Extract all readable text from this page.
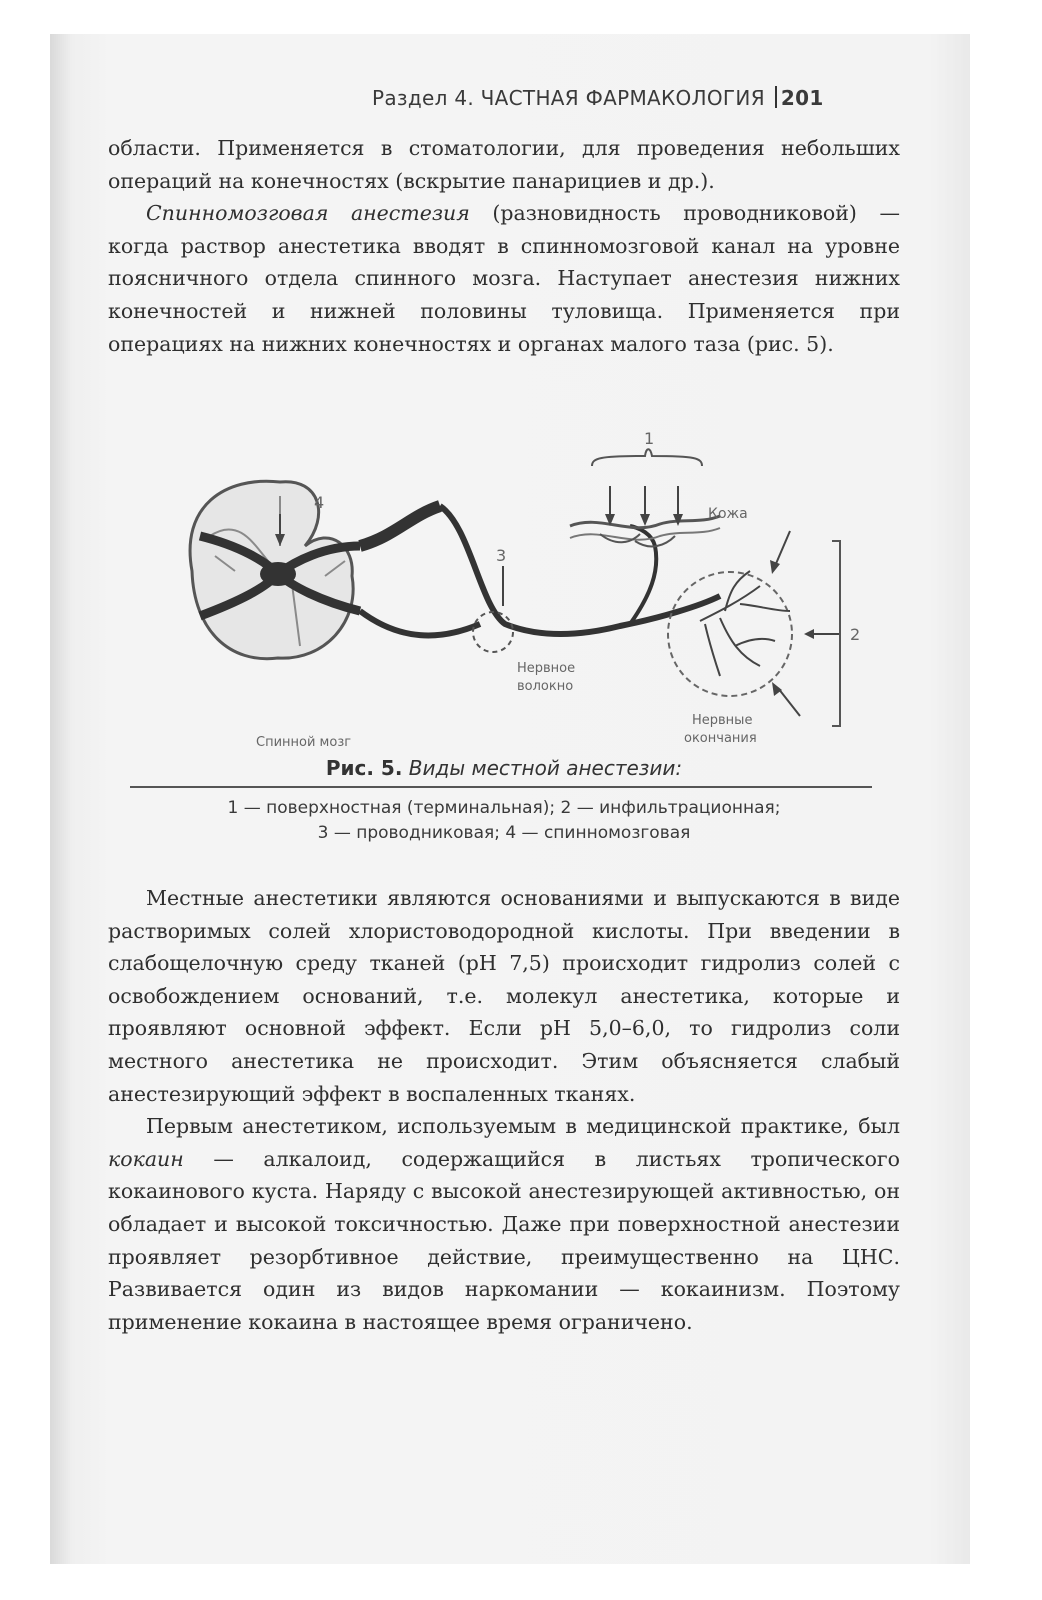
Раздел 4. ЧАСТНАЯ ФАРМАКОЛОГИЯ 201

области. Применяется в стоматологии, для проведения небольших операций на конечностях (вскрытие панарициев и др.).

Спинномозговая анестезия (разновидность проводниковой) — когда раствор анестетика вводят в спинномозговой канал на уровне поясничного отдела спинного мозга. Наступает анестезия нижних конечностей и нижней половины туловища. Применяется при операциях на нижних конечностях и органах малого таза (рис. 5).

1
2
3
4
Кожа
Нервное
волокно
Нервные
окончания
Спинной мозг
Рис. 5. Виды местной анестезии:
1 — поверхностная (терминальная); 2 — инфильтрационная;
3 — проводниковая; 4 — спинномозговая

Местные анестетики являются основаниями и выпускаются в виде растворимых солей хлористоводородной кислоты. При введении в слабощелочную среду тканей (рН 7,5) происходит гидролиз солей с освобождением оснований, т.е. молекул анестетика, которые и проявляют основной эффект. Если рН 5,0–6,0, то гидролиз соли местного анестетика не происходит. Этим объясняется слабый анестезирующий эффект в воспаленных тканях.

Первым анестетиком, используемым в медицинской практике, был кокаин — алкалоид, содержащийся в листьях тропического кокаинового куста. Наряду с высокой анестезирующей активностью, он обладает и высокой токсичностью. Даже при поверхностной анестезии проявляет резорбтивное действие, преимущественно на ЦНС. Развивается один из видов наркомании — кокаинизм. Поэтому применение кокаина в настоящее время ограничено.
